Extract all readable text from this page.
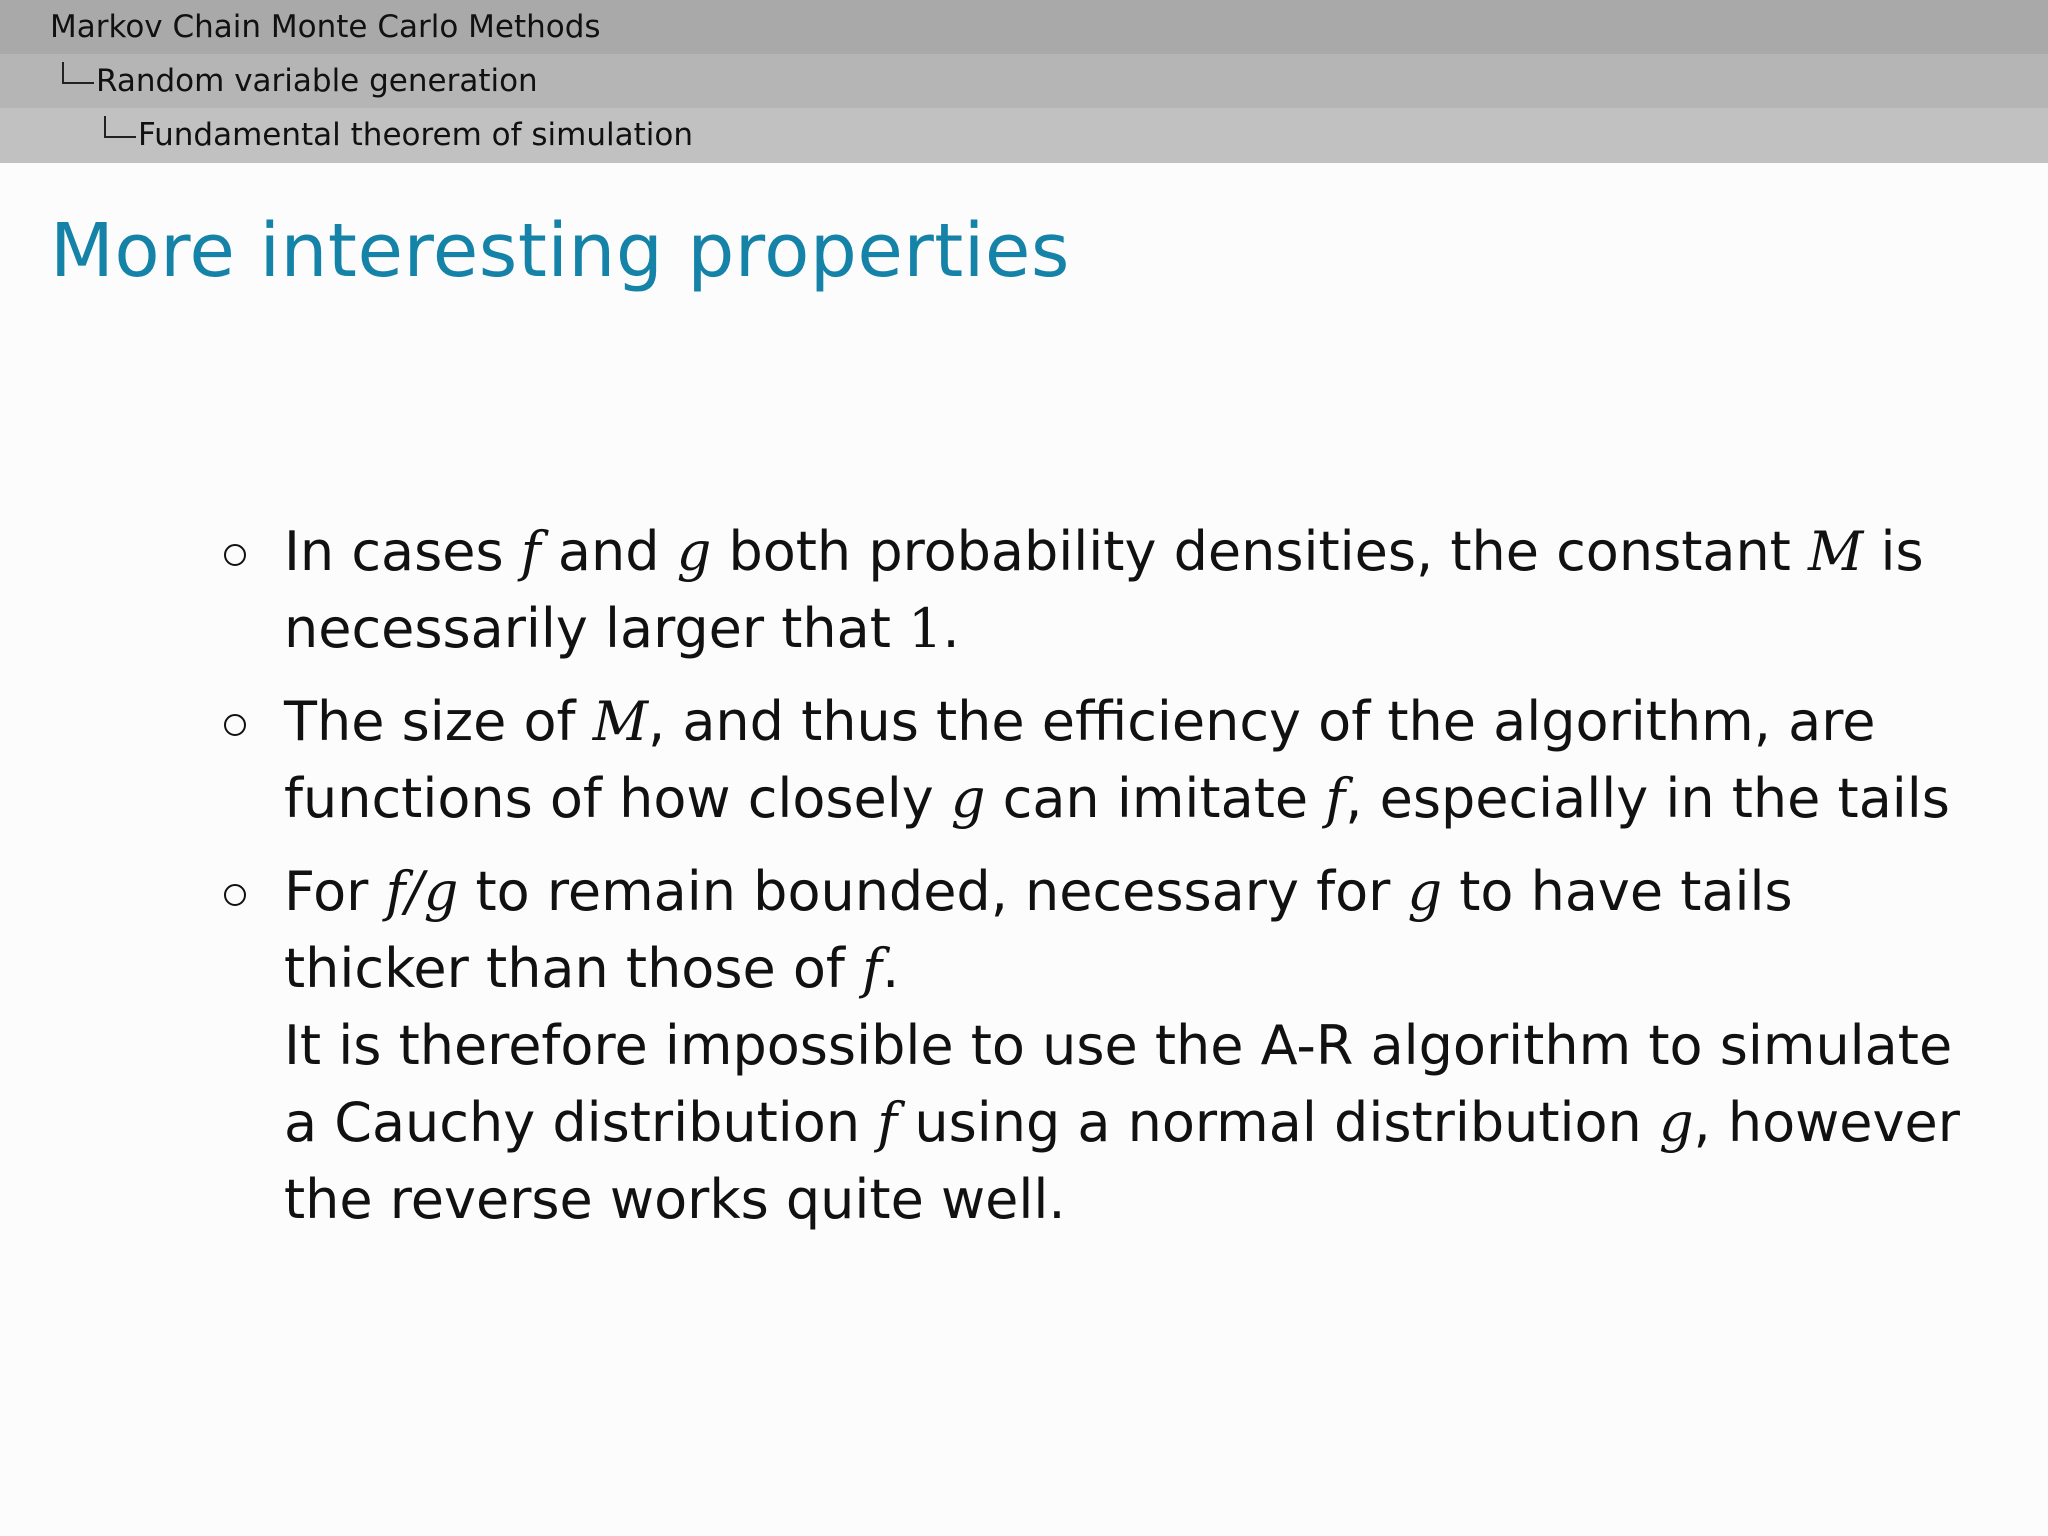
Markov Chain Monte Carlo Methods
Random variable generation
Fundamental theorem of simulation
More interesting properties
In cases f and g both probability densities, the constant M is
necessarily larger that 1.
The size of M, and thus the efficiency of the algorithm, are
functions of how closely g can imitate f, especially in the tails
For f/g to remain bounded, necessary for g to have tails
thicker than those of f.
It is therefore impossible to use the A-R algorithm to simulate
a Cauchy distribution f using a normal distribution g, however
the reverse works quite well.
